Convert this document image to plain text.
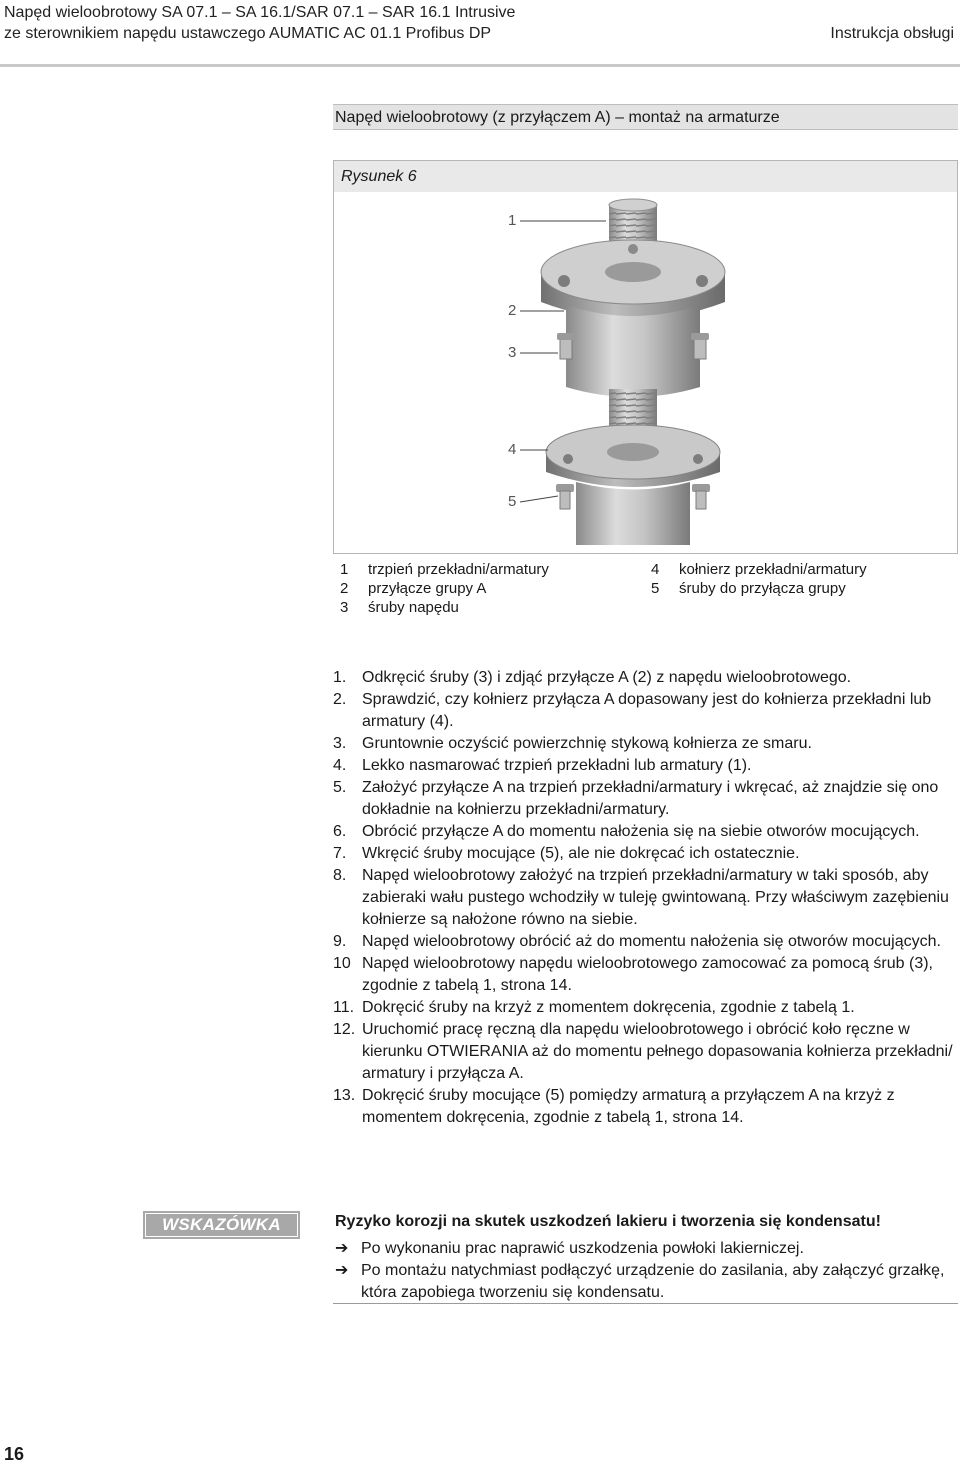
Napęd wieloobrotowy SA 07.1 – SA 16.1/SAR 07.1 – SAR 16.1 Intrusive
ze sterownikiem napędu ustawczego AUMATIC AC 01.1 Profibus DP	Instrukcja obsługi
Napęd wieloobrotowy (z przyłączem A) – montaż na armaturze
Rysunek 6
1
2
3
4
5
1	trzpień przekładni/armatury
2	przyłącze grupy A
3	śruby napędu
4	kołnierz przekładni/armatury
5	śruby do przyłącza grupy
1. Odkręcić śruby (3) i zdjąć przyłącze A (2) z napędu wieloobrotowego.
2. Sprawdzić, czy kołnierz przyłącza A dopasowany jest do kołnierza przekładni lub armatury (4).
3. Gruntownie oczyścić powierzchnię stykową kołnierza ze smaru.
4. Lekko nasmarować trzpień przekładni lub armatury (1).
5. Założyć przyłącze A na trzpień przekładni/armatury i wkręcać, aż znajdzie się ono dokładnie na kołnierzu przekładni/armatury.
6. Obrócić przyłącze A do momentu nałożenia się na siebie otworów mocujących.
7. Wkręcić śruby mocujące (5), ale nie dokręcać ich ostatecznie.
8. Napęd wieloobrotowy założyć na trzpień przekładni/armatury w taki sposób, aby zabieraki wału pustego wchodziły w tuleję gwintowaną. Przy właściwym zazębieniu kołnierze są nałożone równo na siebie.
9. Napęd wieloobrotowy obrócić aż do momentu nałożenia się otworów mocujących.
10 Napęd wieloobrotowy napędu wieloobrotowego zamocować za pomocą śrub (3), zgodnie z tabelą 1, strona 14.
11. Dokręcić śruby na krzyż z momentem dokręcenia, zgodnie z tabelą 1.
12. Uruchomić pracę ręczną dla napędu wieloobrotowego i obrócić koło ręczne w kierunku OTWIERANIA aż do momentu pełnego dopasowania kołnierza przekładni/ armatury i przyłącza A.
13. Dokręcić śruby mocujące (5) pomiędzy armaturą a przyłączem A na krzyż z momentem dokręcenia, zgodnie z tabelą 1, strona 14.
WSKAZÓWKA	Ryzyko korozji na skutek uszkodzeń lakieru i tworzenia się kondensatu!
➔ Po wykonaniu prac naprawić uszkodzenia powłoki lakierniczej.
➔ Po montażu natychmiast podłączyć urządzenie do zasilania, aby załączyć grzałkę, która zapobiega tworzeniu się kondensatu.
16
